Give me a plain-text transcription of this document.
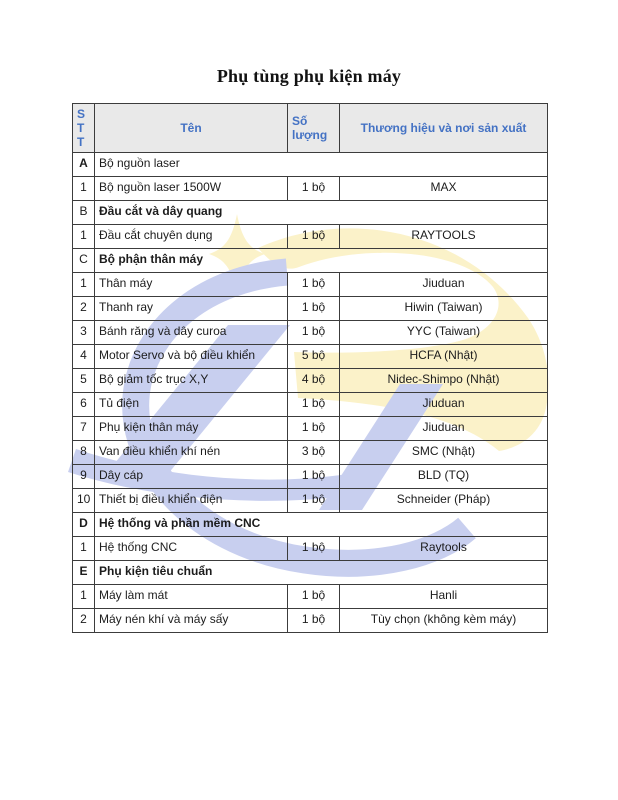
Phụ tùng phụ kiện máy
S T T	Tên	Số lượng	Thương hiệu và nơi sản xuất
A	Bộ nguồn laser		
1	Bộ nguồn laser 1500W	1 bộ	MAX
B	Đầu cắt và dây quang		
1	Đầu cắt chuyên dụng	1 bộ	RAYTOOLS
C	Bộ phận thân máy		
1	Thân máy	1 bộ	Jiuduan
2	Thanh ray	1 bộ	Hiwin (Taiwan)
3	Bánh răng và dây curoa	1 bộ	YYC (Taiwan)
4	Motor Servo và bộ điều khiển	5 bộ	HCFA (Nhật)
5	Bộ giảm tốc trục X,Y	4 bộ	Nidec-Shimpo (Nhật)
6	Tủ điện	1 bộ	Jiuduan
7	Phụ kiện thân máy	1 bộ	Jiuduan
8	Van điều khiển khí nén	3 bộ	SMC (Nhật)
9	Dây cáp	1 bộ	BLD (TQ)
10	Thiết bị điều khiển điện	1 bộ	Schneider (Pháp)
D	Hệ thống và phần mềm CNC		
1	Hệ thống CNC	1 bộ	Raytools
E	Phụ kiện tiêu chuẩn		
1	Máy làm mát	1 bộ	Hanli
2	Máy nén khí và máy sấy	1 bộ	Tùy chọn (không kèm máy)
